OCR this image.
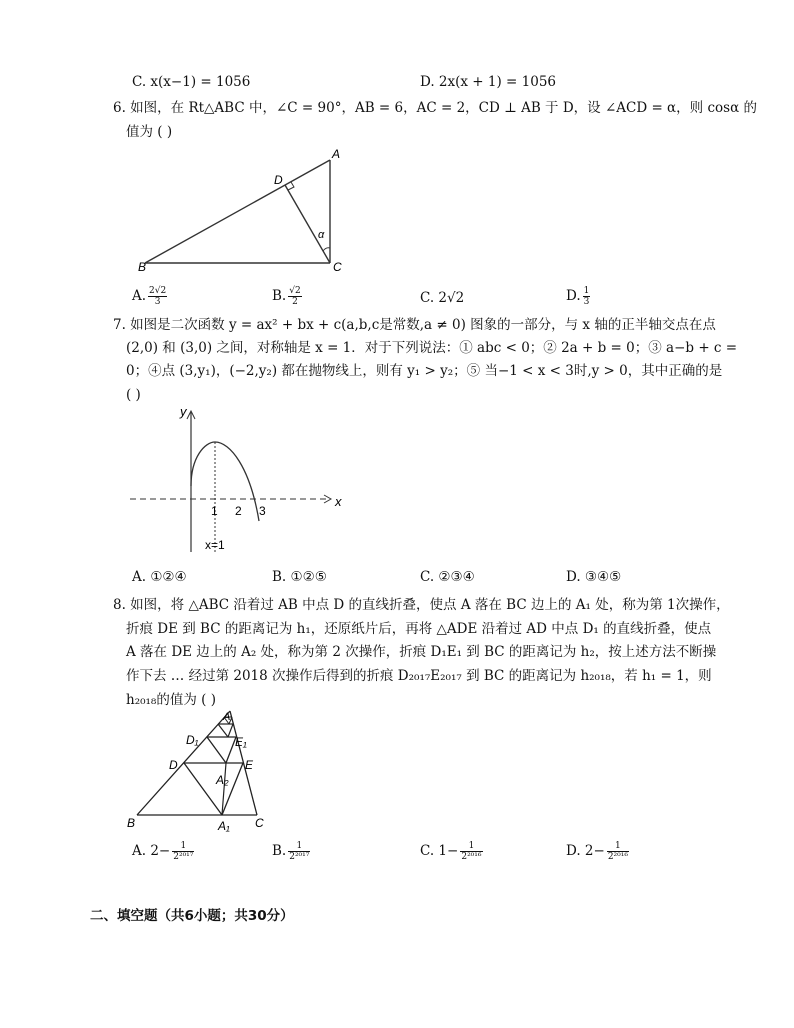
C. x(x−1) = 1056	D. 2x(x + 1) = 1056
6. 如图，在 Rt△ABC 中，∠C = 90°，AB = 6，AC = 2，CD ⊥ AB 于 D，设 ∠ACD = α，则 cosα 的
值为 ( )
B	C
A
D
α
A. $\frac{2√2}{3}$	B. $\frac{√2}{2}$	C. 2√2	D. $\frac{1}{3}$
7. 如图是二次函数 y = ax² + bx + c(a,b,c是常数,a ≠ 0) 图象的一部分，与 x 轴的正半轴交点在点
(2,0) 和 (3,0) 之间，对称轴是 x = 1．对于下列说法：① abc < 0；② 2a + b = 0；③ a−b + c =
0；④点 (3,y₁)，(−2,y₂) 都在抛物线上，则有 y₁ > y₂；⑤ 当−1 < x < 3时,y > 0，其中正确的是
( )
y
x
1 2 3
x=1
A. ①②④	B. ①②⑤	C. ②③④	D. ③④⑤
8. 如图，将 △ABC 沿着过 AB 中点 D 的直线折叠，使点 A 落在 BC 边上的 A₁ 处，称为第 1次操作，
折痕 DE 到 BC 的距离记为 h₁，还原纸片后，再将 △ADE 沿着过 AD 中点 D₁ 的直线折叠，使点
A 落在 DE 边上的 A₂ 处，称为第 2 次操作，折痕 D₁E₁ 到 BC 的距离记为 h₂，按上述方法不断操
作下去 … 经过第 2018 次操作后得到的折痕 D₂₀₁₇E₂₀₁₇ 到 BC 的距离记为 h₂₀₁₈，若 h₁ = 1，则
h₂₀₁₈的值为 ( )
A
B	C
D	E
D₁	E₁
A₂
A₁
A. $2- \frac{1}{\text{2²⁰¹⁷}}$	B. $\frac{1}{\text{2²⁰¹⁷}}$	C. $1- \frac{1}{\text{2²⁰¹⁶}}$	D. $2- \frac{1}{\text{2²⁰¹⁶}}$
二、填空题（共6小题；共30分）
